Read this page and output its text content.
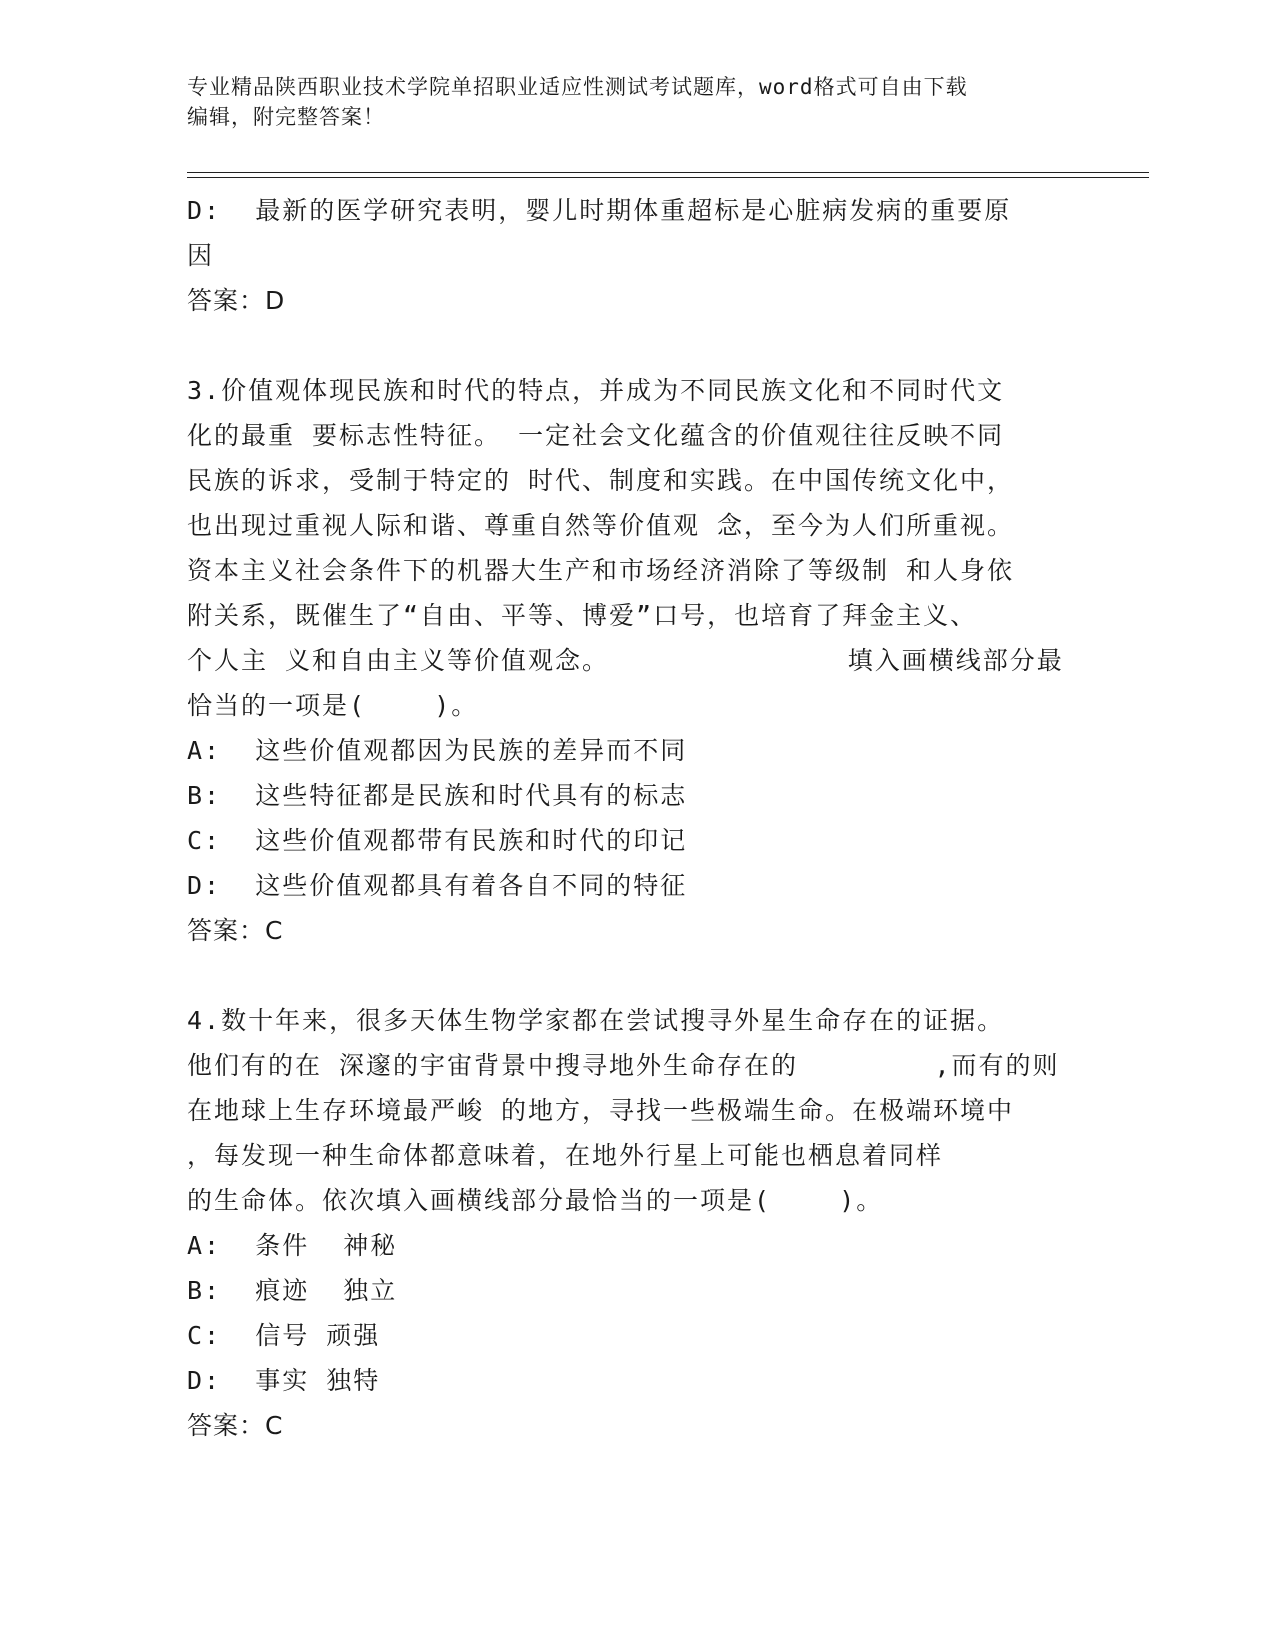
专业精品陕西职业技术学院单招职业适应性测试考试题库，word格式可自由下载
编辑，附完整答案！
D:  最新的医学研究表明，婴儿时期体重超标是心脏病发病的重要原
因
答案：D
3.价值观体现民族和时代的特点，并成为不同民族文化和不同时代文
化的最重 要标志性特征。 一定社会文化蕴含的价值观往往反映不同
民族的诉求，受制于特定的 时代、制度和实践。在中国传统文化中，
也出现过重视人际和谐、尊重自然等价值观 念，至今为人们所重视。
资本主义社会条件下的机器大生产和市场经济消除了等级制 和人身依
附关系，既催生了“自由、平等、博爱”口号，也培育了拜金主义、
个人主 义和自由主义等价值观念。              填入画横线部分最
恰当的一项是(    )。
A:  这些价值观都因为民族的差异而不同
B:  这些特征都是民族和时代具有的标志
C:  这些价值观都带有民族和时代的印记
D:  这些价值观都具有着各自不同的特征
答案：C
4.数十年来，很多天体生物学家都在尝试搜寻外星生命存在的证据。
他们有的在 深邃的宇宙背景中搜寻地外生命存在的        ,而有的则
在地球上生存环境最严峻 的地方，寻找一些极端生命。在极端环境中
，每发现一种生命体都意味着，在地外行星上可能也栖息着同样
的生命体。依次填入画横线部分最恰当的一项是(    )。
A:  条件  神秘
B:  痕迹  独立
C:  信号 顽强
D:  事实 独特
答案：C
